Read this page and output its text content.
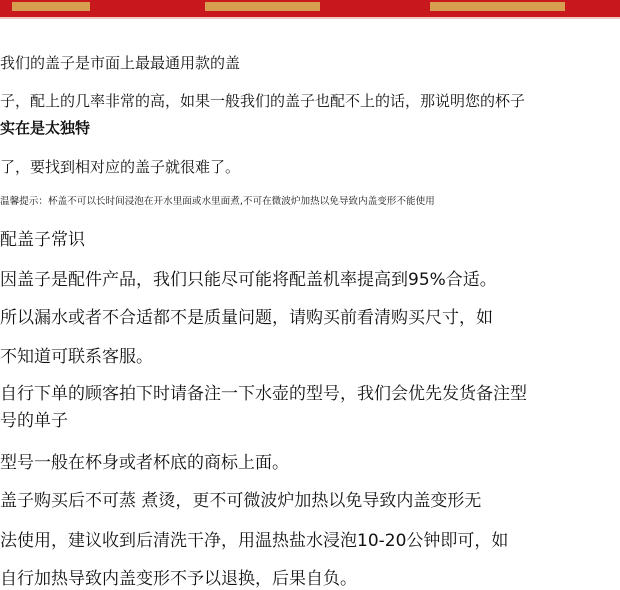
我们的盖子是市面上最最通用款的盖

子，配上的几率非常的高，如果一般我们的盖子也配不上的话，那说明您的杯子

实在是太独特

了，要找到相对应的盖子就很难了。

温馨提示：杯盖不可以长时间浸泡在开水里面或水里面煮,不可在微波炉加热以免导致内盖变形不能使用

配盖子常识

因盖子是配件产品，我们只能尽可能将配盖机率提高到95%合适。

所以漏水或者不合适都不是质量问题，请购买前看清购买尺寸，如

不知道可联系客服。

自行下单的顾客拍下时请备注一下水壶的型号，我们会优先发货备注型

号的单子

型号一般在杯身或者杯底的商标上面。

盖子购买后不可蒸 煮烫，更不可微波炉加热以免导致内盖变形无

法使用，建议收到后清洗干净，用温热盐水浸泡10-20公钟即可，如

自行加热导致内盖变形不予以退换，后果自负。
